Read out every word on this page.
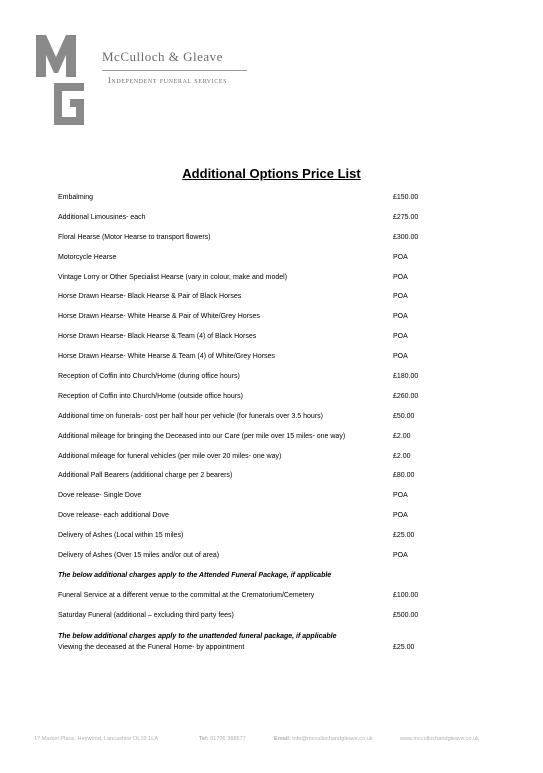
McCulloch & Gleave
Independent funeral services
Additional Options Price List
Embalming	£150.00
Additional Limousines- each	£275.00
Floral Hearse (Motor Hearse to transport flowers)	£300.00
Motorcycle Hearse	POA
Vintage Lorry or Other Specialist Hearse (vary in colour, make and model)	POA
Horse Drawn Hearse- Black Hearse & Pair of Black Horses	POA
Horse Drawn Hearse- White Hearse & Pair of White/Grey Horses	POA
Horse Drawn Hearse- Black Hearse & Team (4) of Black Horses	POA
Horse Drawn Hearse- White Hearse & Team (4) of White/Grey Horses	POA
Reception of Coffin into Church/Home (during office hours)	£180.00
Reception of Coffin into Church/Home (outside office hours)	£260.00
Additional time on funerals- cost per half hour per vehicle (for funerals over 3.5 hours)	£50.00
Additional mileage for bringing the Deceased into our Care (per mile over 15 miles- one way)	£2.00
Additional mileage for funeral vehicles (per mile over 20 miles- one way)	£2.00
Additional Pall Bearers (additional charge per 2 bearers)	£80.00
Dove release- Single Dove	POA
Dove release- each additional Dove	POA
Delivery of Ashes (Local within 15 miles)	£25.00
Delivery of Ashes (Over 15 miles and/or out of area)	POA
The below additional charges apply to the Attended Funeral Package, if applicable
Funeral Service at a different venue to the committal at the Crematorium/Cemetery	£100.00
Saturday Funeral (additional – excluding third party fees)	£500.00
The below additional charges apply to the unattended funeral package, if applicable
Viewing the deceased at the Funeral Home- by appointment	£25.00
17 Market Place, Heywood, Lancashire OL10 1LA	Tel: 01706 368577	Email: info@mccullochandgleave.co.uk	www.mccullochandgleave.co.uk
